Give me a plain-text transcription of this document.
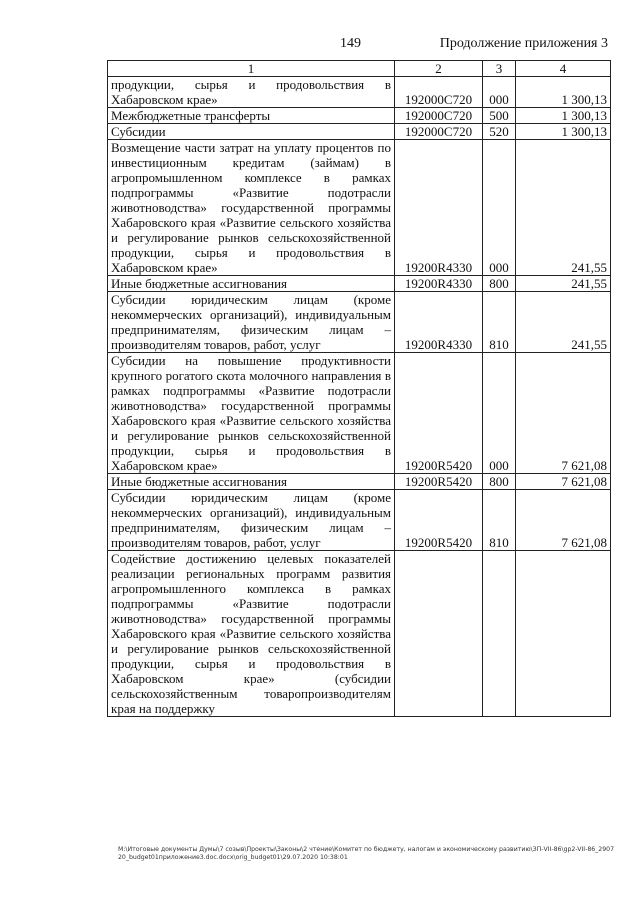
149	Продолжение приложения 3
1	2	3	4
продукции, сырья и продовольствия в Хабаровском крае»	192000С720	000	1 300,13
Межбюджетные трансферты	192000С720	500	1 300,13
Субсидии	192000С720	520	1 300,13
Возмещение части затрат на уплату процентов по инвестиционным кредитам (займам) в агропромышленном комплексе в рамках подпрограммы «Развитие подотрасли животноводства» государственной программы Хабаровского края «Развитие сельского хозяйства и регулирование рынков сельскохозяйственной продукции, сырья и продовольствия в Хабаровском крае»	19200R4330	000	241,55
Иные бюджетные ассигнования	19200R4330	800	241,55
Субсидии юридическим лицам (кроме некоммерческих организаций), индивидуальным предпринимателям, физическим лицам – производителям товаров, работ, услуг	19200R4330	810	241,55
Субсидии на повышение продуктивности крупного рогатого скота молочного направления в рамках подпрограммы «Развитие подотрасли животноводства» государственной программы Хабаровского края «Развитие сельского хозяйства и регулирование рынков сельскохозяйственной продукции, сырья и продовольствия в Хабаровском крае»	19200R5420	000	7 621,08
Иные бюджетные ассигнования	19200R5420	800	7 621,08
Субсидии юридическим лицам (кроме некоммерческих организаций), индивидуальным предпринимателям, физическим лицам – производителям товаров, работ, услуг	19200R5420	810	7 621,08
Содействие достижению целевых показателей реализации региональных программ развития агропромышленного комплекса в рамках подпрограммы «Развитие подотрасли животноводства» государственной программы Хабаровского края «Развитие сельского хозяйства и регулирование рынков сельскохозяйственной продукции, сырья и продовольствия в Хабаровском крае» (субсидии сельскохозяйственным товаропроизводителям края на поддержку			
M:\Итоговые документы Думы\7 созыв\Проекты\Законы\2 чтение\Комитет по бюджету, налогам и экономическому развитию\ЗП-VII-86\gp2-VII-86_290720_budget01приложение3.doc.docx\orig_budget01\29.07.2020 10:38:01
